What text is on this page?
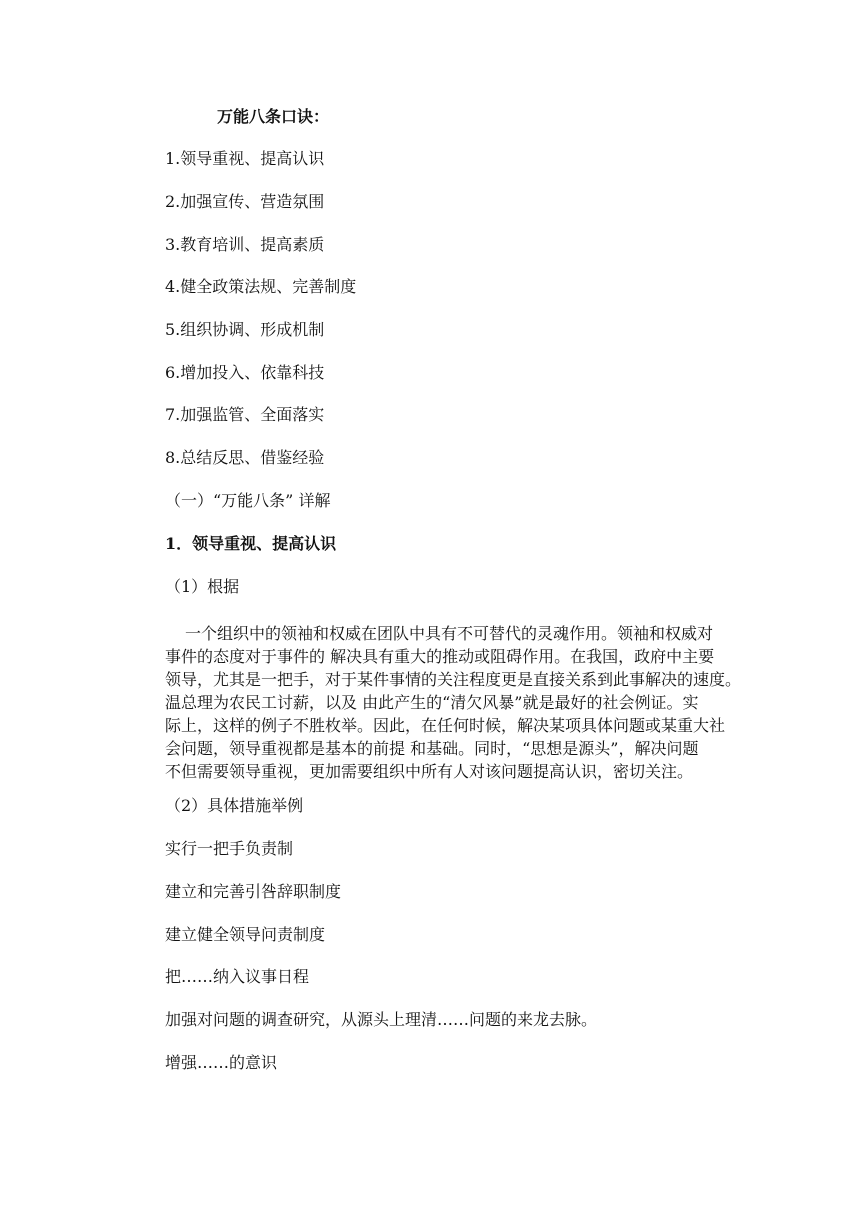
万能八条口诀：
1.领导重视、提高认识
2.加强宣传、营造氛围
3.教育培训、提高素质
4.健全政策法规、完善制度
5.组织协调、形成机制
6.增加投入、依靠科技
7.加强监管、全面落实
8.总结反思、借鉴经验
（一）“万能八条” 详解
1．领导重视、提高认识
（1）根据
一个组织中的领袖和权威在团队中具有不可替代的灵魂作用。领袖和权威对
事件的态度对于事件的 解决具有重大的推动或阻碍作用。在我国，政府中主要
领导，尤其是一把手，对于某件事情的关注程度更是直接关系到此事解决的速度。
温总理为农民工讨薪，以及 由此产生的“清欠风暴”就是最好的社会例证。实
际上，这样的例子不胜枚举。因此，在任何时候，解决某项具体问题或某重大社
会问题，领导重视都是基本的前提 和基础。同时，“思想是源头”，解决问题
不但需要领导重视，更加需要组织中所有人对该问题提高认识，密切关注。
（2）具体措施举例
实行一把手负责制
建立和完善引咎辞职制度
建立健全领导问责制度
把……纳入议事日程
加强对问题的调查研究，从源头上理清……问题的来龙去脉。
增强……的意识
